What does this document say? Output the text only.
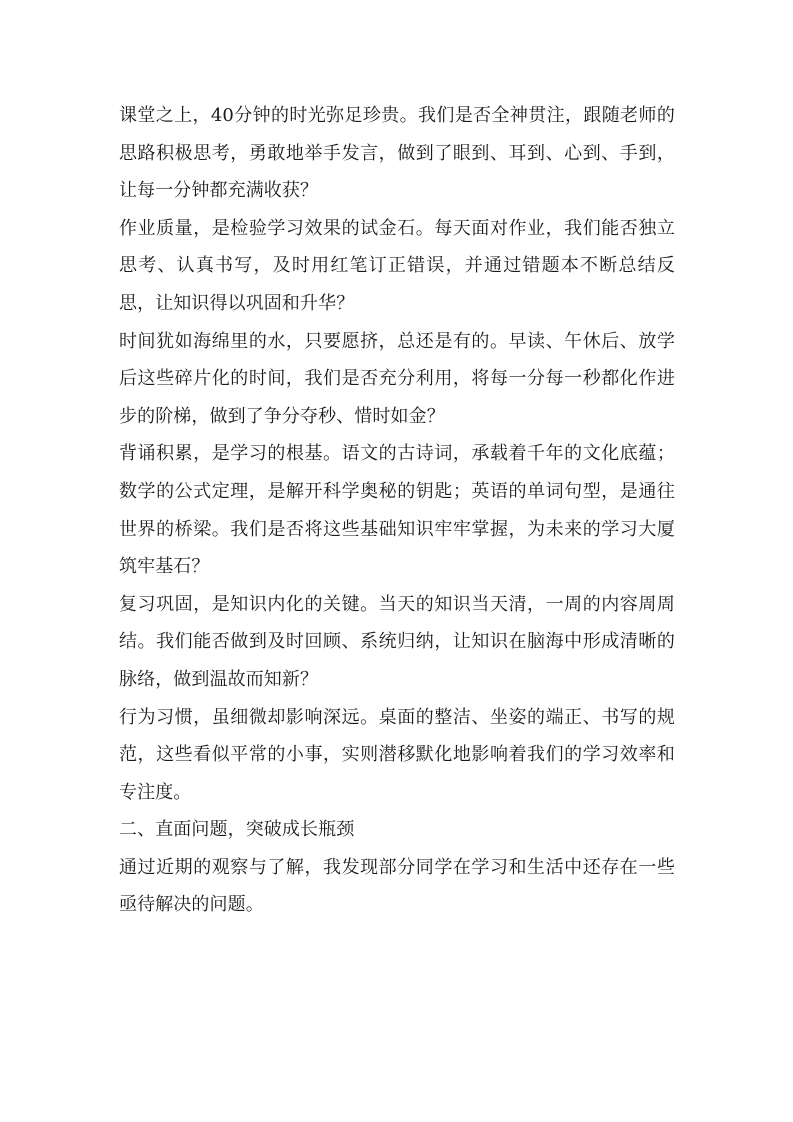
课堂之上，40分钟的时光弥足珍贵。我们是否全神贯注，跟随老师的思路积极思考，勇敢地举手发言，做到了眼到、耳到、心到、手到，让每一分钟都充满收获？

作业质量，是检验学习效果的试金石。每天面对作业，我们能否独立思考、认真书写，及时用红笔订正错误，并通过错题本不断总结反思，让知识得以巩固和升华？

时间犹如海绵里的水，只要愿挤，总还是有的。早读、午休后、放学后这些碎片化的时间，我们是否充分利用，将每一分每一秒都化作进步的阶梯，做到了争分夺秒、惜时如金？

背诵积累，是学习的根基。语文的古诗词，承载着千年的文化底蕴；数学的公式定理，是解开科学奥秘的钥匙；英语的单词句型，是通往世界的桥梁。我们是否将这些基础知识牢牢掌握，为未来的学习大厦筑牢基石？

复习巩固，是知识内化的关键。当天的知识当天清，一周的内容周周结。我们能否做到及时回顾、系统归纳，让知识在脑海中形成清晰的脉络，做到温故而知新？

行为习惯，虽细微却影响深远。桌面的整洁、坐姿的端正、书写的规范，这些看似平常的小事，实则潜移默化地影响着我们的学习效率和专注度。

二、直面问题，突破成长瓶颈

通过近期的观察与了解，我发现部分同学在学习和生活中还存在一些亟待解决的问题。
